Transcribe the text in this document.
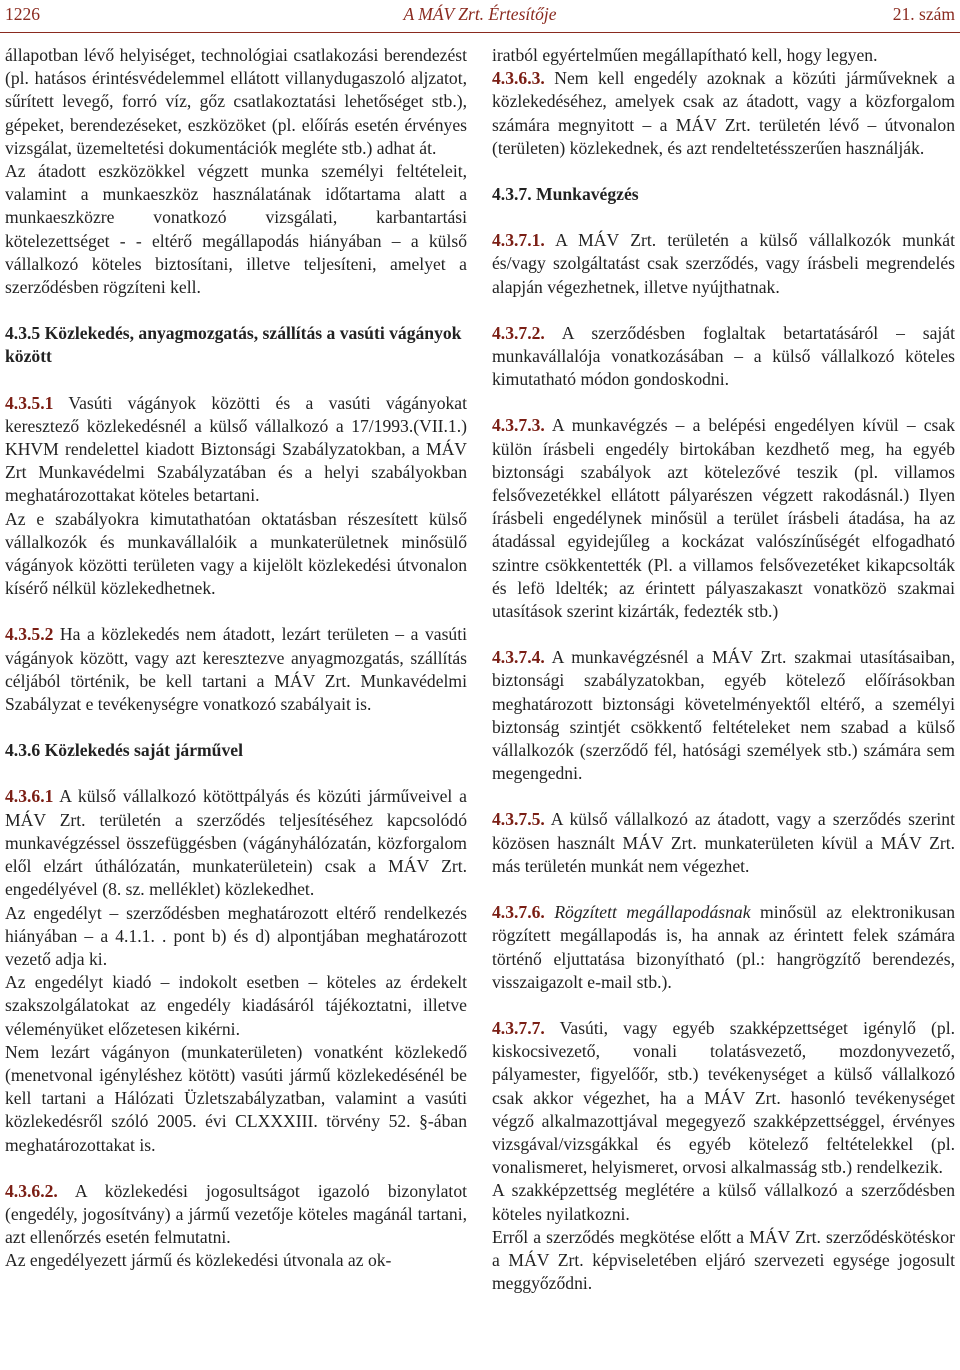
1226	A MÁV Zrt. Értesítője	21. szám

állapotban lévő helyiséget, technológiai csatlakozási berendezést (pl. hatásos érintésvédelemmel ellátott villanydugaszoló aljzatot, sűrített levegő, forró víz, gőz csatlakoztatási lehetőséget stb.), gépeket, berendezéseket, eszközöket (pl. előírás esetén érvényes vizsgálat, üzemeltetési dokumentációk megléte stb.) adhat át.

Az átadott eszközökkel végzett munka személyi feltételeit, valamint a munkaeszköz használatának időtartama alatt a munkaeszközre vonatkozó vizsgálati, karbantartási kötelezettséget - - eltérő megállapodás hiányában – a külső vállalkozó köteles biztosítani, illetve teljesíteni, amelyet a szerződésben rögzíteni kell.

4.3.5 Közlekedés, anyagmozgatás, szállítás a vasúti vágányok között

4.3.5.1 Vasúti vágányok közötti és a vasúti vágányokat keresztező közlekedésnél a külső vállalkozó a 17/1993.(VII.1.) KHVM rendelettel kiadott Biztonsági Szabályzatokban, a MÁV Zrt Munkavédelmi Szabályzatában és a helyi szabályokban meghatározottakat köteles betartani.

Az e szabályokra kimutathatóan oktatásban részesített külső vállalkozók és munkavállalóik a munkaterületnek minősülő vágányok közötti területen vagy a kijelölt közlekedési útvonalon kísérő nélkül közlekedhetnek.

4.3.5.2 Ha a közlekedés nem átadott, lezárt területen – a vasúti vágányok között, vagy azt keresztezve anyagmozgatás, szállítás céljából történik, be kell tartani a MÁV Zrt. Munkavédelmi Szabályzat e tevékenységre vonatkozó szabályait is.

4.3.6 Közlekedés saját járművel

4.3.6.1 A külső vállalkozó kötöttpályás és közúti járművеivel a MÁV Zrt. területén a szerződés teljesítéséhez kapcsolódó munkavégzéssel összefüggésben (vágányhálózatán, közforgalom elől elzárt úthálózatán, munkaterületein) csak a MÁV Zrt. engedélyével (8. sz. melléklet) közlekedhet.

Az engedélyt – szerződésben meghatározott eltérő rendelkezés hiányában – a 4.1.1. . pont b) és d) alpontjában meghatározott vezető adja ki.

Az engedélyt kiadó – indokolt esetben – köteles az érdekelt szakszolgálatokat az engedély kiadásáról tájékoztatni, illetve véleményüket előzetesen kikérni.

Nem lezárt vágányon (munkaterületen) vonatként közlekedő (menetvonal igényléshez kötött) vasúti jármű közlekedésénél be kell tartani a Hálózati Üzletszabályzatban, valamint a vasúti közlekedésről szóló 2005. évi CLXXXIII. törvény 52. §-ában meghatározottakat is.

4.3.6.2. A közlekedési jogosultságot igazoló bizonylatot (engedély, jogosítvány) a jármű vezetője köteles magánál tartani, azt ellenőrzés esetén felmutatni.

Az engedélyezett jármű és közlekedési útvonala az ok-

iratból egyértelműen megállapítható kell, hogy legyen.

4.3.6.3. Nem kell engedély azoknak a közúti járműveknek a közlekedéséhez, amelyek csak az átadott, vagy a közforgalom számára megnyitott – a MÁV Zrt. területén lévő – útvonalon (területen) közlekednek, és azt rendeltetésszerűen használják.

4.3.7. Munkavégzés

4.3.7.1. A MÁV Zrt. területén a külső vállalkozók munkát és/vagy szolgáltatást csak szerződés, vagy írásbeli megrendelés alapján végezhetnek, illetve nyújthatnak.

4.3.7.2. A szerződésben foglaltak betartatásáról – saját munkavállalója vonatkozásában – a külső vállalkozó köteles kimutatható módon gondoskodni.

4.3.7.3. A munkavégzés – a belépési engedélyen kívül – csak külön írásbeli engedély birtokában kezdhető meg, ha egyéb biztonsági szabályok azt kötelezővé teszik (pl. villamos felsővezetékkel ellátott pályarészen végzett rakodásnál.) Ilyen írásbeli engedélynek minősül a terület írásbeli átadása, ha az átadással egyidejűleg a kockázat valószínűségét elfogadható szintre csökkentették (Pl. a villamos felsővezetéket kikapcsolták és lefö ldelték; az érintett pályaszakaszt vonatközö szakmai utasítások szerint kizárták, fedezték stb.)

4.3.7.4. A munkavégzésnél a MÁV Zrt. szakmai utasításaiban, biztonsági szabályzatokban, egyéb kötelező előírásokban meghatározott biztonsági követelményektől eltérő, a személyi biztonság szintjét csökkentő feltételeket nem szabad a külső vállalkozók (szerződő fél, hatósági személyek stb.) számára sem megengedni.

4.3.7.5. A külső vállalkozó az átadott, vagy a szerződés szerint közösen használt MÁV Zrt. munkaterületen kívül a MÁV Zrt. más területén munkát nem végezhet.

4.3.7.6. Rögzített megállapodásnak minősül az elektronikusan rögzített megállapodás is, ha annak az érintett felek számára történő eljuttatása bizonyítható (pl.: hangrögzítő berendezés, visszaigazolt e-mail stb.).

4.3.7.7. Vasúti, vagy egyéb szakképzettséget igénylő (pl. kiskocsivezető, vonali tolatásvezető, mozdonyvezető, pályamester, figyelőőr, stb.) tevékenységet a külső vállalkozó csak akkor végezhet, ha a MÁV Zrt. hasonló tevékenységet végző alkalmazottjával megegyező szakképzettséggel, érvényes vizsgával/vizsgákkal és egyéb kötelező feltételekkel (pl. vonalismeret, helyismeret, orvosi alkalmasság stb.) rendelkezik.

A szakképzettség meglétére a külső vállalkozó a szerződésben köteles nyilatkozni.

Erről a szerződés megkötése előtt a MÁV Zrt. szerződéskötéskor a MÁV Zrt. képviseletében eljáró szervezeti egysége jogosult meggyőződni.
